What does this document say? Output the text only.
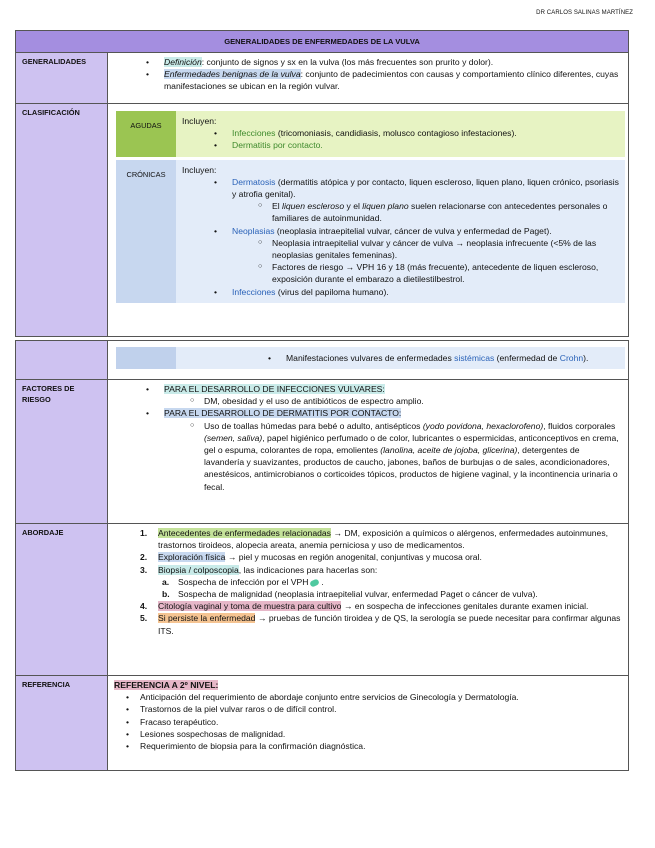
DR CARLOS SALINAS MARTÍNEZ
GENERALIDADES DE ENFERMEDADES DE LA VULVA
GENERALIDADES
•	Definición: conjunto de signos y sx en la vulva (los más frecuentes son prurito y dolor).
• Enfermedades benignas de la vulva: conjunto de padecimientos con causas y comportamiento clínico diferentes, cuyas manifestaciones se ubican en la región vulvar.
CLASIFICACIÓN
AGUDAS	Incluyen:
• Infecciones (tricomoniasis, candidiasis, molusco contagioso infestaciones).
• Dermatitis por contacto.
CRÓNICAS	Incluyen:
• Dermatosis (dermatitis atópica y por contacto, liquen escleroso, liquen plano, liquen crónico, psoriasis y atrofia genital).
○ El liquen escleroso y el liquen plano suelen relacionarse con antecedentes personales o familiares de autoinmunidad.
• Neoplasias (neoplasia intraepitelial vulvar, cáncer de vulva y enfermedad de Paget).
○ Neoplasia intraepitelial vulvar y cáncer de vulva → neoplasia infrecuente (<5% de las neoplasias genitales femeninas).
○ Factores de riesgo → VPH 16 y 18 (más frecuente), antecedente de liquen escleroso, exposición durante el embarazo a dietilestilbestrol.
• Infecciones (virus del papiloma humano).
• Manifestaciones vulvares de enfermedades sistémicas (enfermedad de Crohn).
FACTORES DE RIESGO
• PARA EL DESARROLLO DE INFECCIONES VULVARES:
○ DM, obesidad y el uso de antibióticos de espectro amplio.
• PARA EL DESARROLLO DE DERMATITIS POR CONTACTO:
○ Uso de toallas húmedas para bebé o adulto, antisépticos (yodo povidona, hexaclorofeno), fluidos corporales (semen, saliva), papel higiénico perfumado o de color, lubricantes o espermicidas, anticonceptivos en crema, gel o espuma, colorantes de ropa, emolientes (lanolina, aceite de jojoba, glicerina), detergentes de lavandería y suavizantes, productos de caucho, jabones, baños de burbujas o de sales, acondicionadores, anestésicos, antimicrobianos o corticoides tópicos, productos de higiene vaginal, y la incontinencia urinaria o fecal.
ABORDAJE	1. Antecedentes de enfermedades relacionadas → DM, exposición a químicos o alérgenos, enfermedades autoinmunes, trastornos tiroideos, alopecia areata, anemia perniciosa y uso de medicamentos.
2. Exploración física → piel y mucosas en región anogenital, conjuntivas y mucosa oral.
3. Biopsia / colposcopia, las indicaciones para hacerlas son:
a. Sospecha de infección por el VPH .
b. Sospecha de malignidad (neoplasia intraepitelial vulvar, enfermedad Paget o cáncer de vulva).
4. Citología vaginal y toma de muestra para cultivo → en sospecha de infecciones genitales durante examen inicial.
5. Si persiste la enfermedad → pruebas de función tiroidea y de QS, la serología se puede necesitar para confirmar algunas ITS.
REFERENCIA	REFERENCIA A 2º NIVEL:
• Anticipación del requerimiento de abordaje conjunto entre servicios de Ginecología y Dermatología.
• Trastornos de la piel vulvar raros o de difícil control.
• Fracaso terapéutico.
• Lesiones sospechosas de malignidad.
• Requerimiento de biopsia para la confirmación diagnóstica.
